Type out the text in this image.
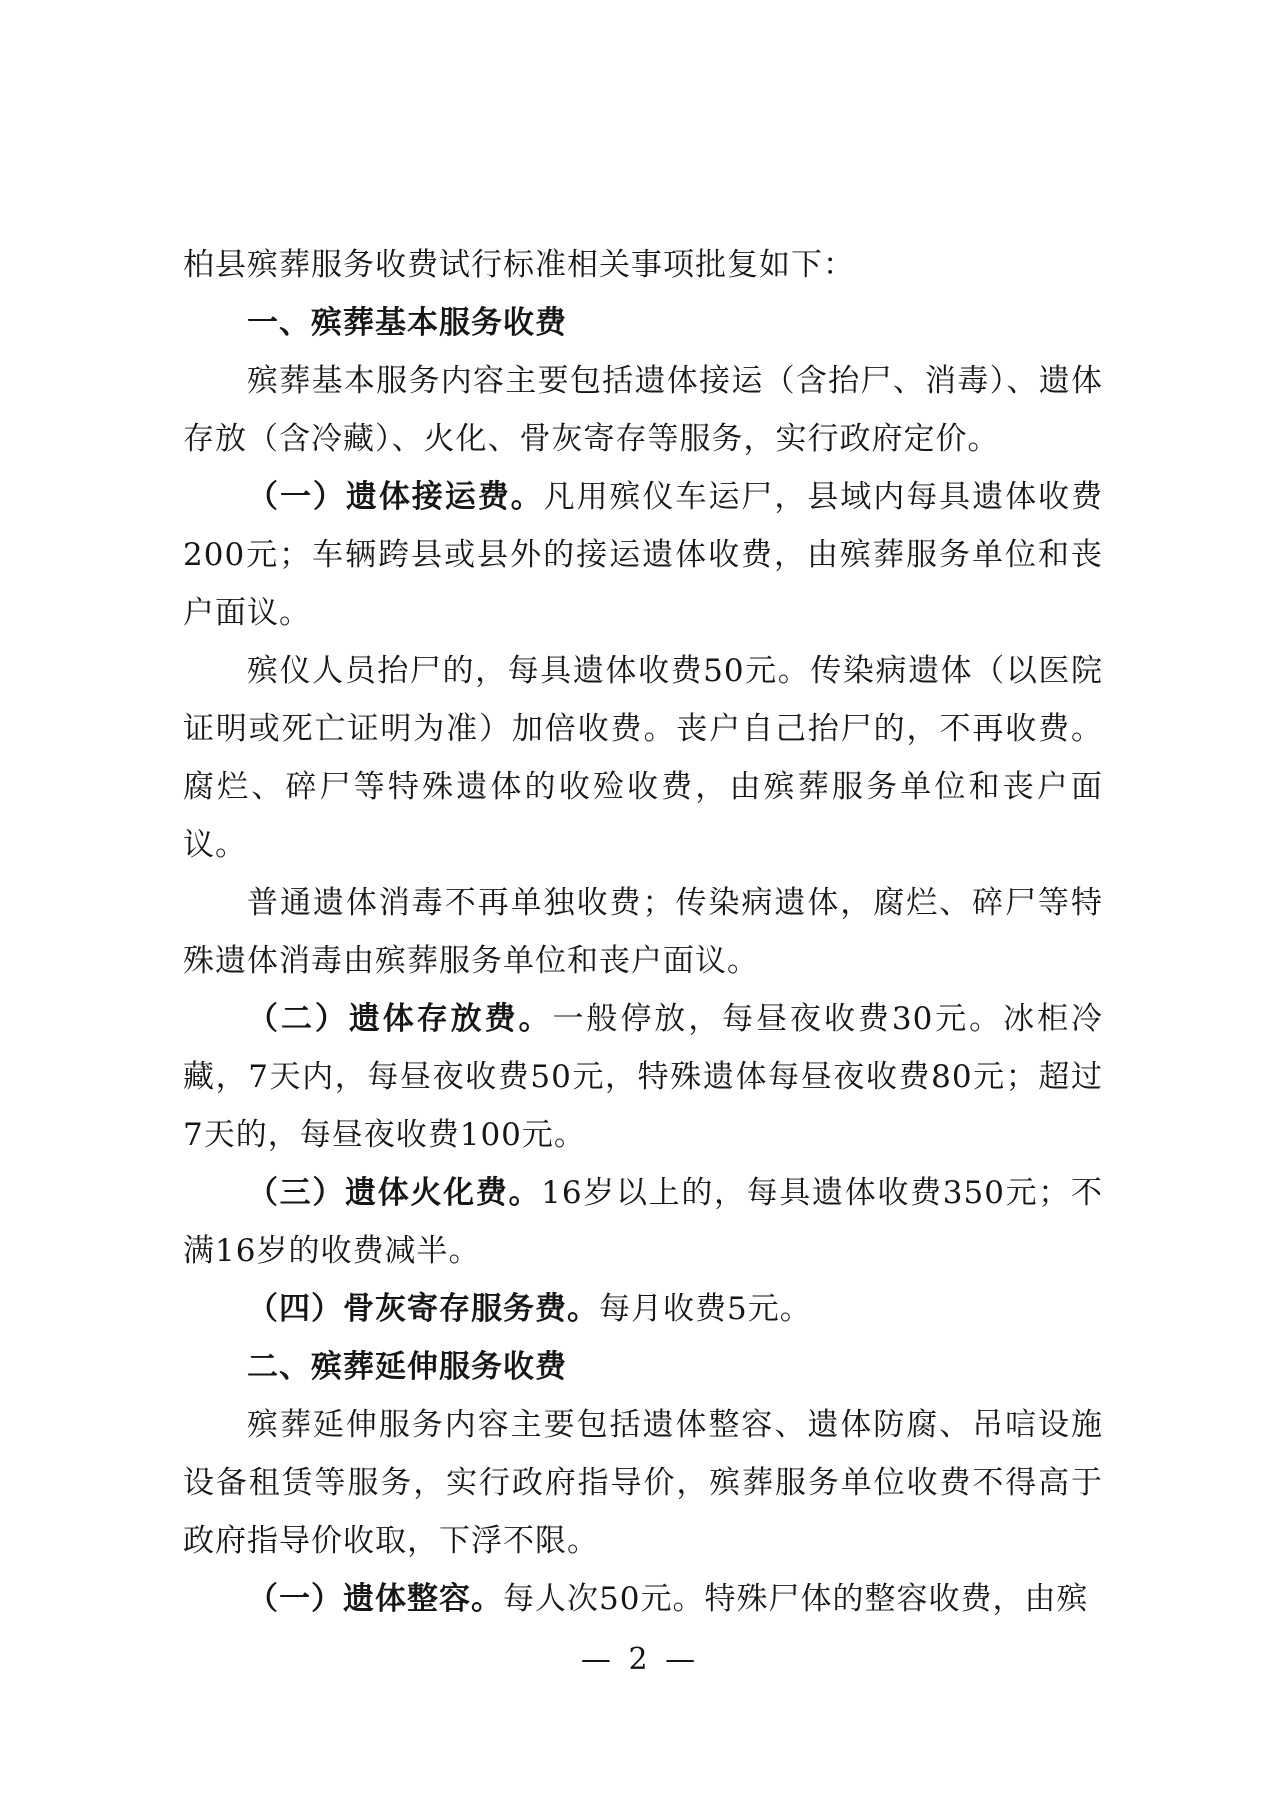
柏县殡葬服务收费试行标准相关事项批复如下：

一、殡葬基本服务收费

殡葬基本服务内容主要包括遗体接运（含抬尸、消毒）、遗体存放（含冷藏）、火化、骨灰寄存等服务，实行政府定价。

（一）遗体接运费。凡用殡仪车运尸，县域内每具遗体收费200元；车辆跨县或县外的接运遗体收费，由殡葬服务单位和丧户面议。

殡仪人员抬尸的，每具遗体收费50元。传染病遗体（以医院证明或死亡证明为准）加倍收费。丧户自己抬尸的，不再收费。腐烂、碎尸等特殊遗体的收殓收费，由殡葬服务单位和丧户面议。

普通遗体消毒不再单独收费；传染病遗体，腐烂、碎尸等特殊遗体消毒由殡葬服务单位和丧户面议。

（二）遗体存放费。一般停放，每昼夜收费30元。冰柜冷藏，7天内，每昼夜收费50元，特殊遗体每昼夜收费80元；超过7天的，每昼夜收费100元。

（三）遗体火化费。16岁以上的，每具遗体收费350元；不满16岁的收费减半。

（四）骨灰寄存服务费。每月收费5元。

二、殡葬延伸服务收费

殡葬延伸服务内容主要包括遗体整容、遗体防腐、吊唁设施设备租赁等服务，实行政府指导价，殡葬服务单位收费不得高于政府指导价收取，下浮不限。

（一）遗体整容。每人次50元。特殊尸体的整容收费，由殡

— 2 —
